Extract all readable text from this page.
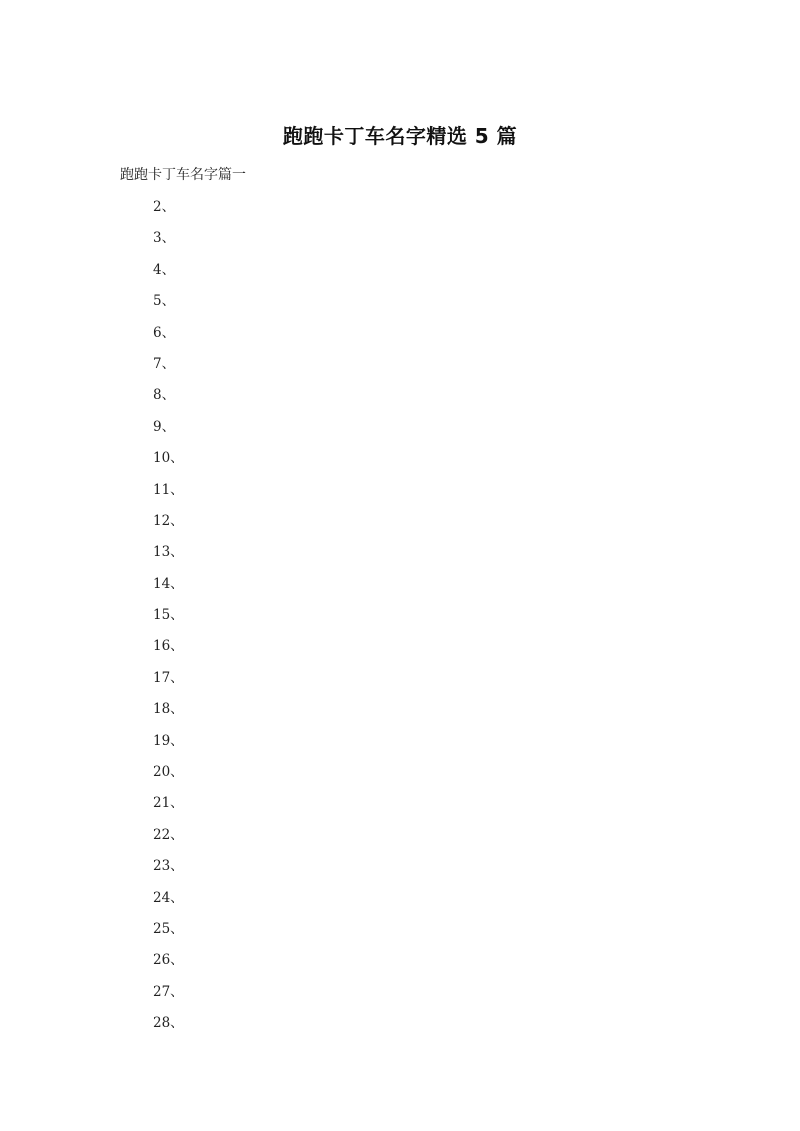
跑跑卡丁车名字精选 5 篇
跑跑卡丁车名字篇一
2、
3、
4、
5、
6、
7、
8、
9、
10、
11、
12、
13、
14、
15、
16、
17、
18、
19、
20、
21、
22、
23、
24、
25、
26、
27、
28、
